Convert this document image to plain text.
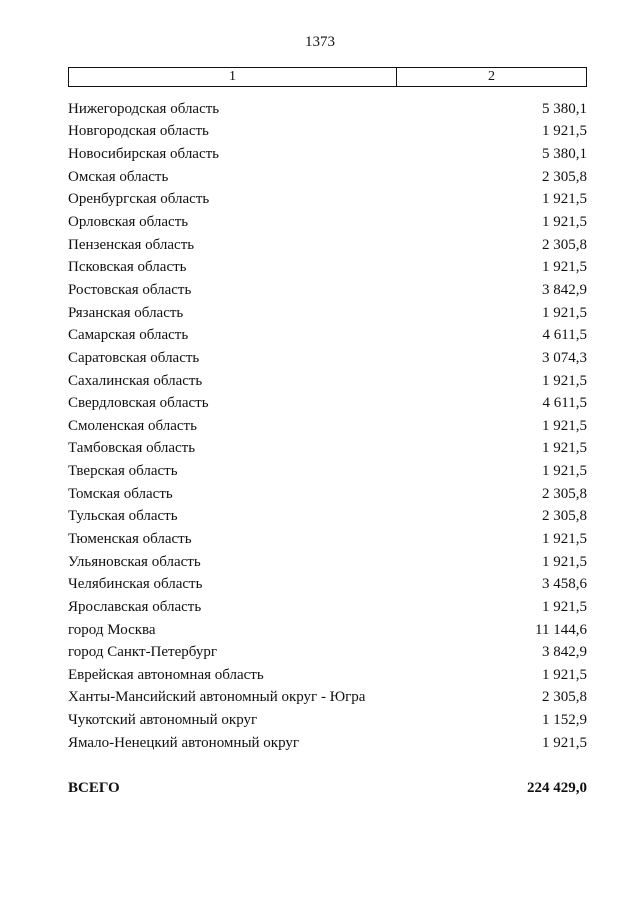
1373
1	2
Нижегородская область	5 380,1
Новгородская область	1 921,5
Новосибирская область	5 380,1
Омская область	2 305,8
Оренбургская область	1 921,5
Орловская область	1 921,5
Пензенская область	2 305,8
Псковская область	1 921,5
Ростовская область	3 842,9
Рязанская область	1 921,5
Самарская область	4 611,5
Саратовская область	3 074,3
Сахалинская область	1 921,5
Свердловская область	4 611,5
Смоленская область	1 921,5
Тамбовская область	1 921,5
Тверская область	1 921,5
Томская область	2 305,8
Тульская область	2 305,8
Тюменская область	1 921,5
Ульяновская область	1 921,5
Челябинская область	3 458,6
Ярославская область	1 921,5
город Москва	11 144,6
город Санкт-Петербург	3 842,9
Еврейская автономная область	1 921,5
Ханты-Мансийский автономный округ - Югра	2 305,8
Чукотский автономный округ	1 152,9
Ямало-Ненецкий автономный округ	1 921,5
ВСЕГО	224 429,0
